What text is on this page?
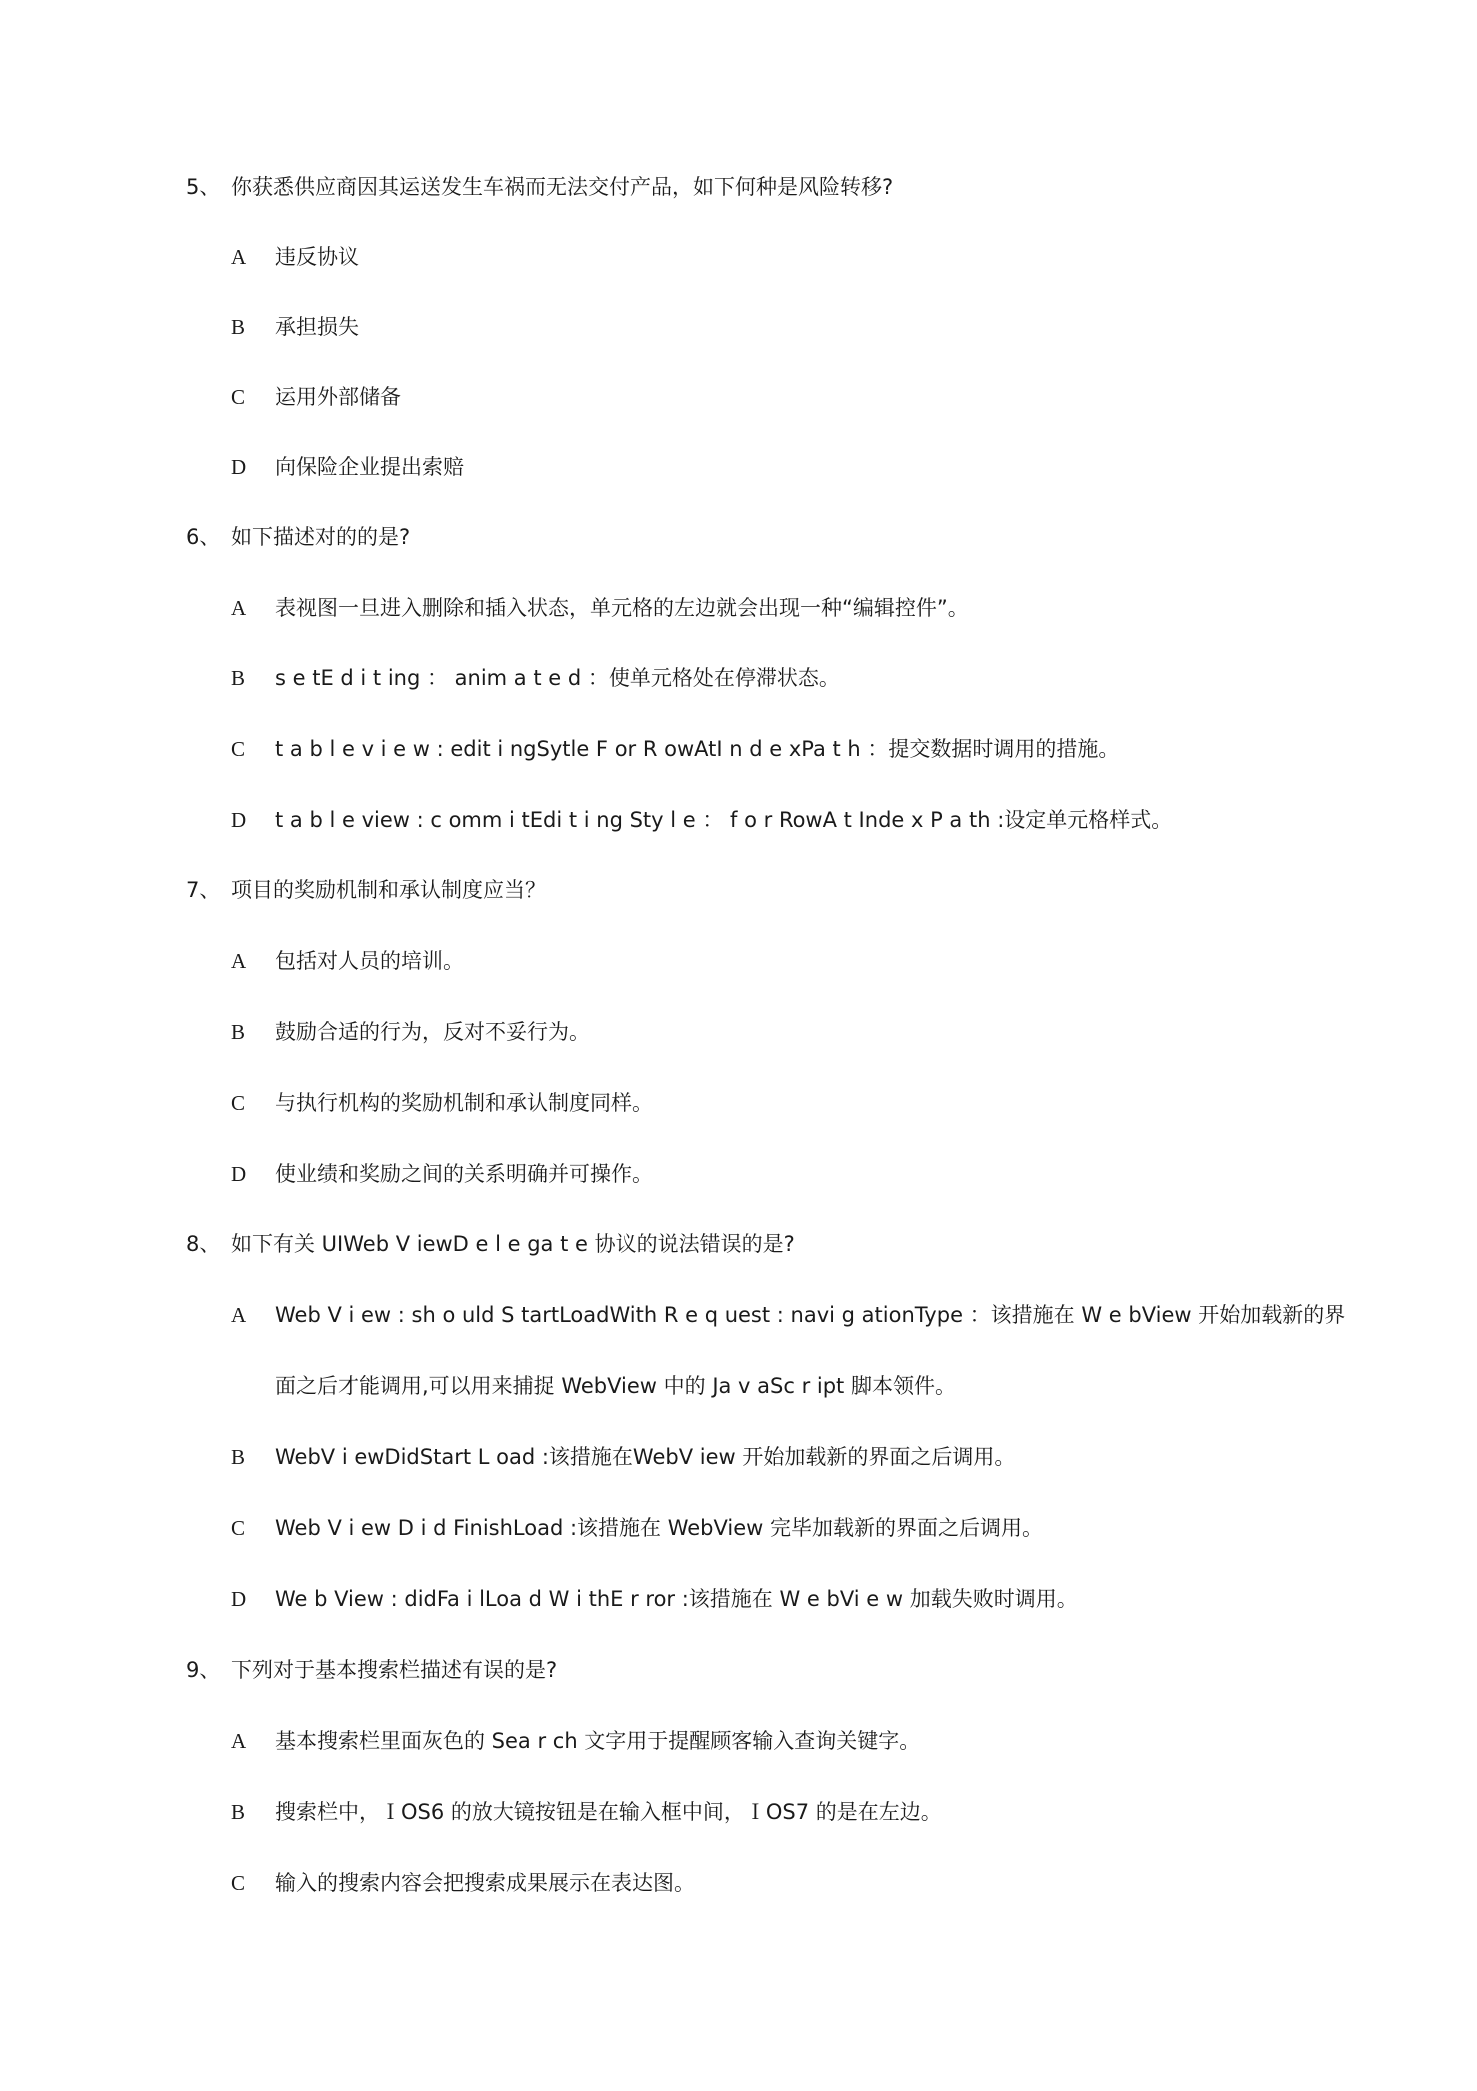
5、 你获悉供应商因其运送发生车祸而无法交付产品，如下何种是风险转移?
A 违反协议
B 承担损失
C 运用外部储备
D 向保险企业提出索赔
6、 如下描述对的的是?
A 表视图一旦进入删除和插入状态，单元格的左边就会出现一种“编辑控件”。
B s e tE d i t ing ： anim a t e d ：使单元格处在停滞状态。
C t a b l e v i e w : edit i ngSytle F or R owAtI n d e xPa t h ：提交数据时调用的措施。
D t a b l e view : c omm i tEdi t i ng Sty l e ： f o r RowA t Inde x P a th :设定单元格样式。
7、 项目的奖励机制和承认制度应当？
A 包括对人员的培训。
B 鼓励合适的行为，反对不妥行为。
C 与执行机构的奖励机制和承认制度同样。
D 使业绩和奖励之间的关系明确并可操作。
8、 如下有关 UIWeb V iewD e l e ga t e 协议的说法错误的是?
A Web V i ew : sh o uld S tartLoadWith R e q uest : navi g ationType ：该措施在 W e bView 开始加载新的界
面之后才能调用,可以用来捕捉 WebView 中的 Ja v aSc r ipt 脚本领件。
B WebV i ewDidStart L oad :该措施在WebV iew 开始加载新的界面之后调用。
C Web V i ew D i d FinishLoad :该措施在 WebView 完毕加载新的界面之后调用。
D We b View : didFa i lLoa d W i thE r ror :该措施在 W e bVi e w 加载失败时调用。
9、 下列对于基本搜索栏描述有误的是?
A 基本搜索栏里面灰色的 Sea r ch 文字用于提醒顾客输入查询关键字。
B 搜索栏中，ＩOS6 的放大镜按钮是在输入框中间，ＩOS7 的是在左边。
C 输入的搜索内容会把搜索成果展示在表达图。
